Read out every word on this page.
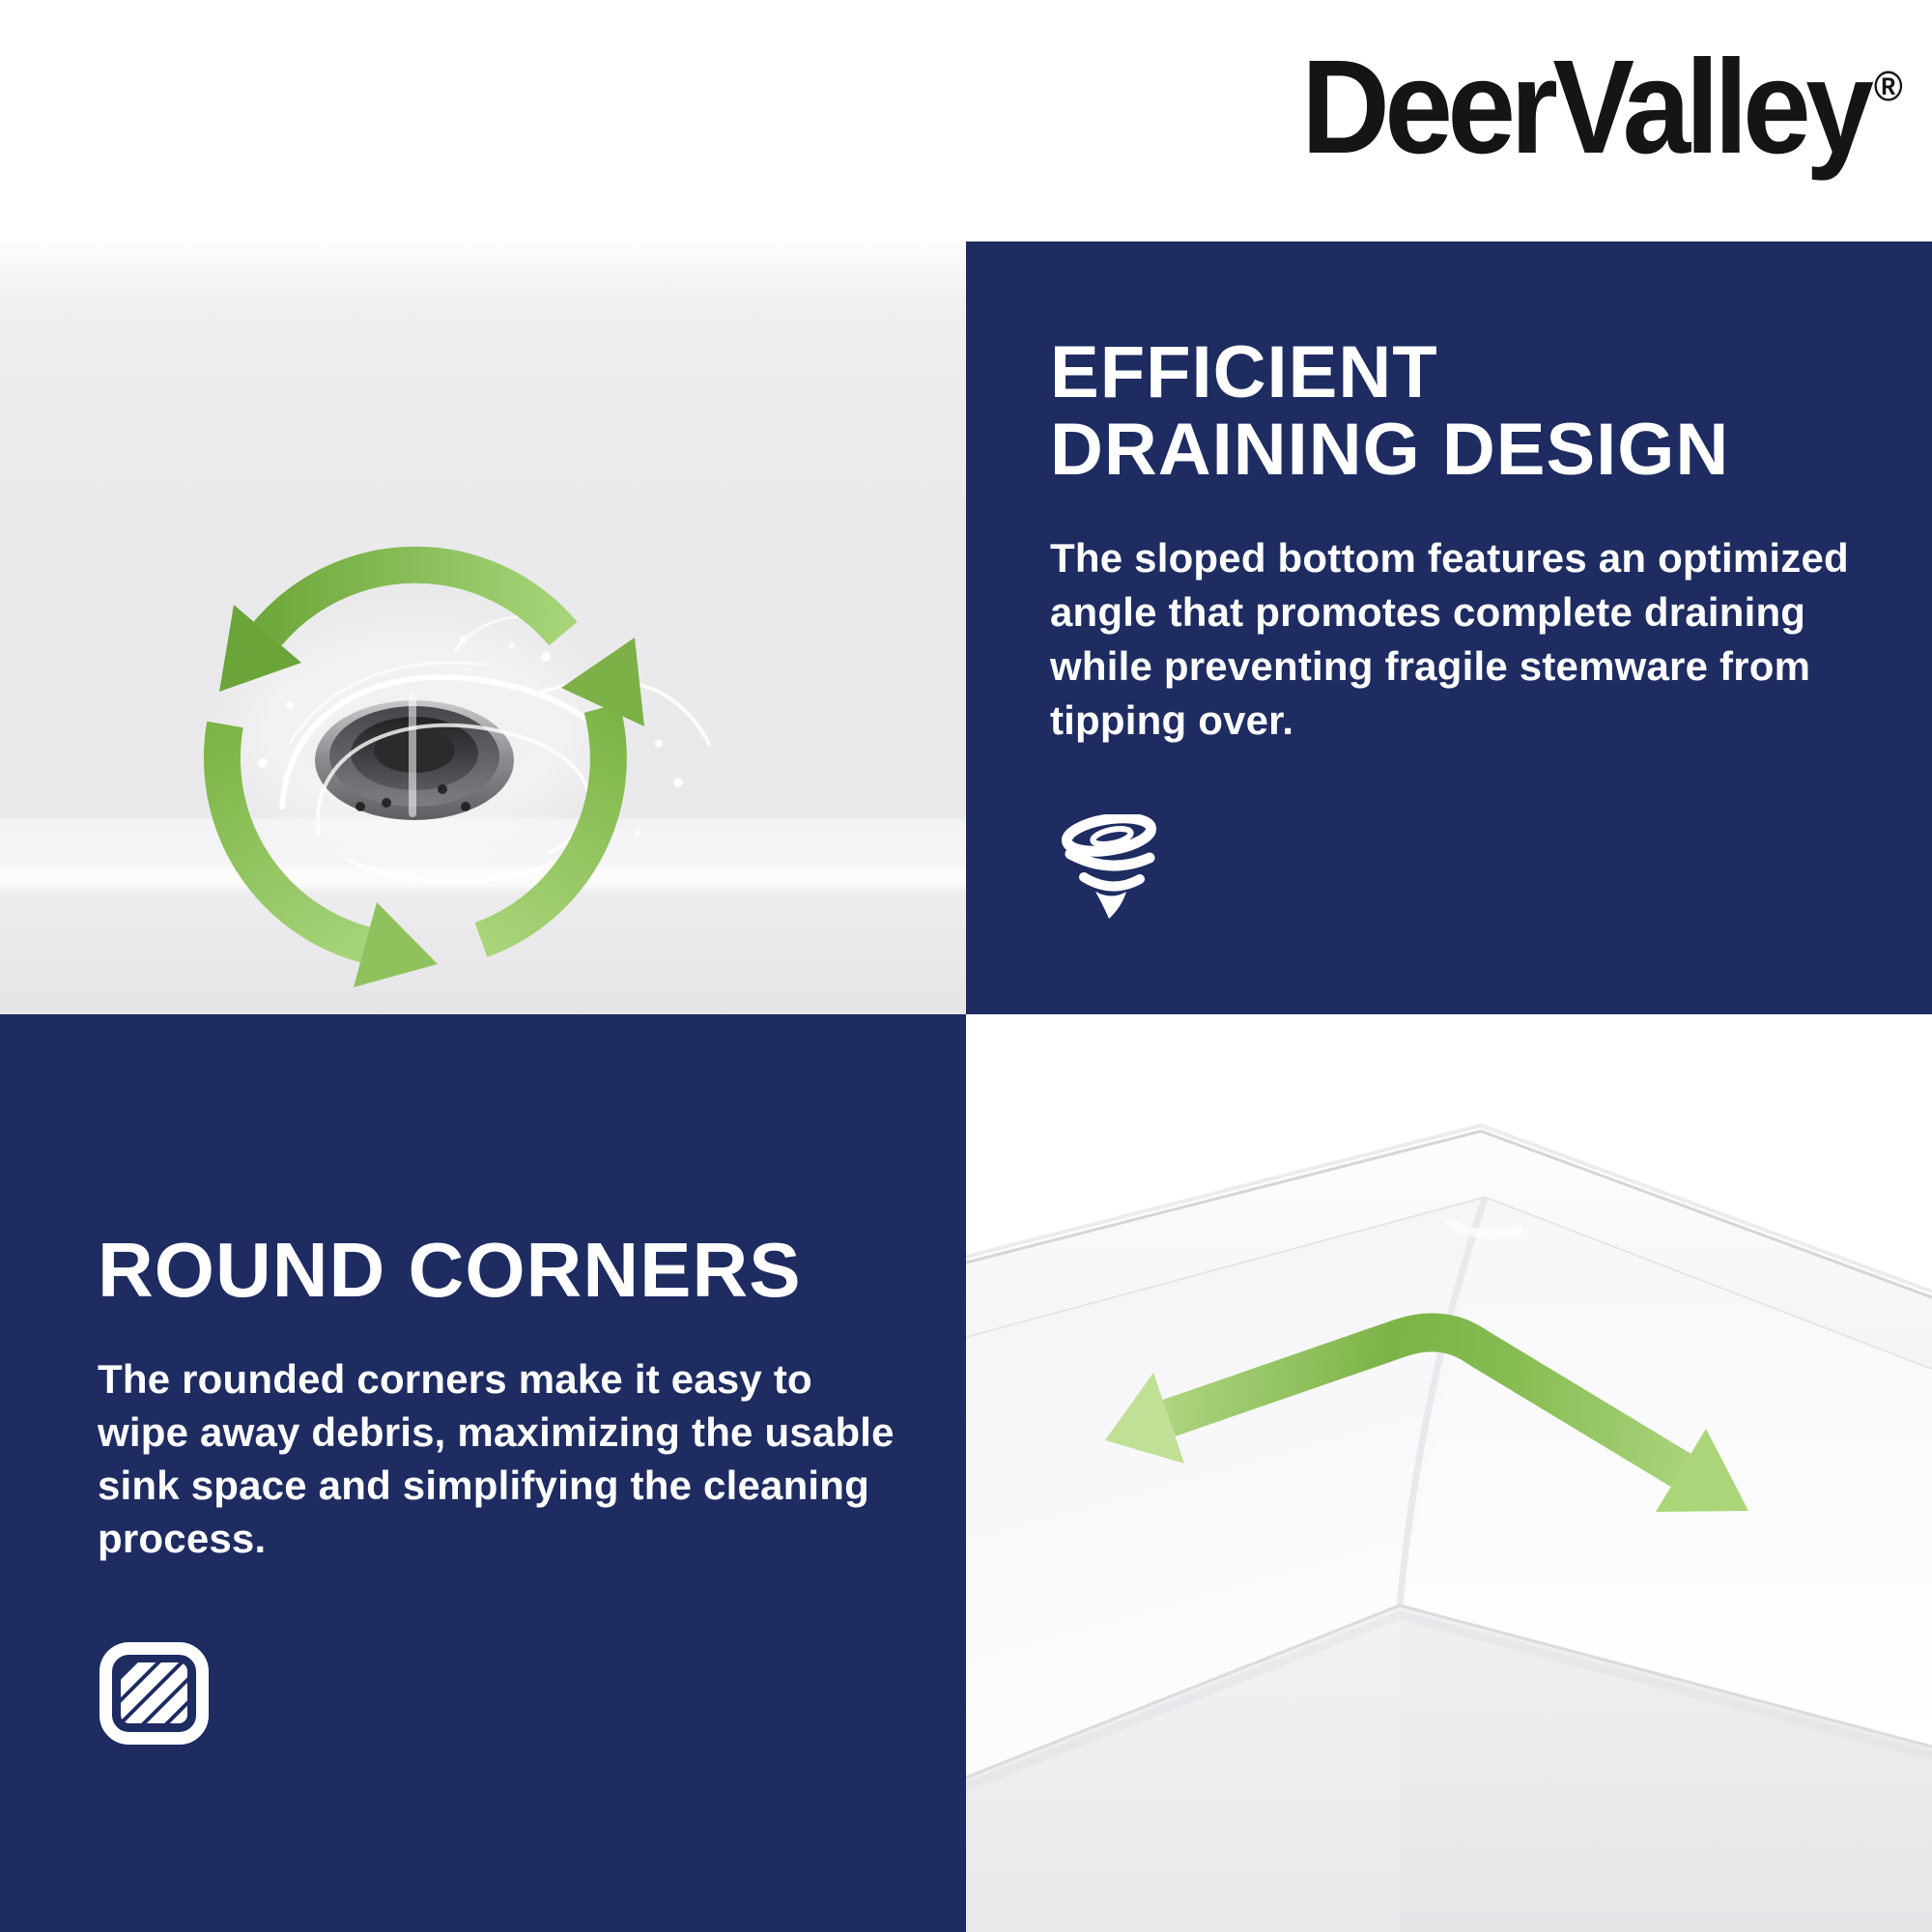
DeerValley ®
EFFICIENT
DRAINING DESIGN
The sloped bottom features an optimized
angle that promotes complete draining
while preventing fragile stemware from
tipping over.
ROUND CORNERS
The rounded corners make it easy to
wipe away debris, maximizing the usable
sink space and simplifying the cleaning
process.
